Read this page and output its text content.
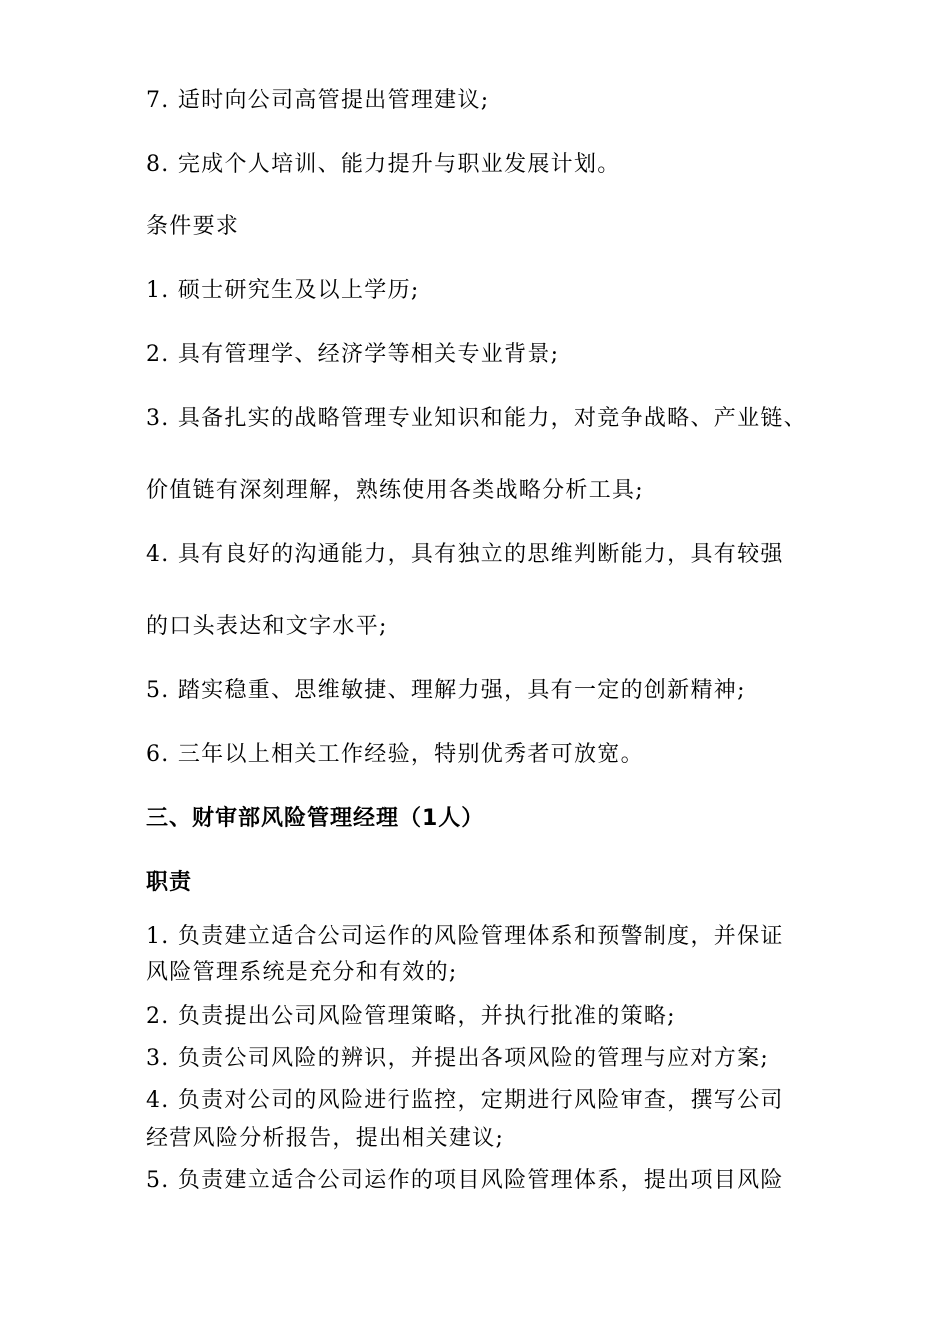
7. 适时向公司高管提出管理建议;
8. 完成个人培训、能力提升与职业发展计划。
条件要求
1. 硕士研究生及以上学历;
2. 具有管理学、经济学等相关专业背景;
3. 具备扎实的战略管理专业知识和能力，对竞争战略、产业链、
价值链有深刻理解，熟练使用各类战略分析工具;
4. 具有良好的沟通能力，具有独立的思维判断能力，具有较强
的口头表达和文字水平;
5. 踏实稳重、思维敏捷、理解力强，具有一定的创新精神;
6. 三年以上相关工作经验，特别优秀者可放宽。
三、财审部风险管理经理（1人）
职责
1. 负责建立适合公司运作的风险管理体系和预警制度，并保证
风险管理系统是充分和有效的;
2. 负责提出公司风险管理策略，并执行批准的策略;
3. 负责公司风险的辨识，并提出各项风险的管理与应对方案;
4. 负责对公司的风险进行监控，定期进行风险审查，撰写公司
经营风险分析报告，提出相关建议;
5. 负责建立适合公司运作的项目风险管理体系，提出项目风险
